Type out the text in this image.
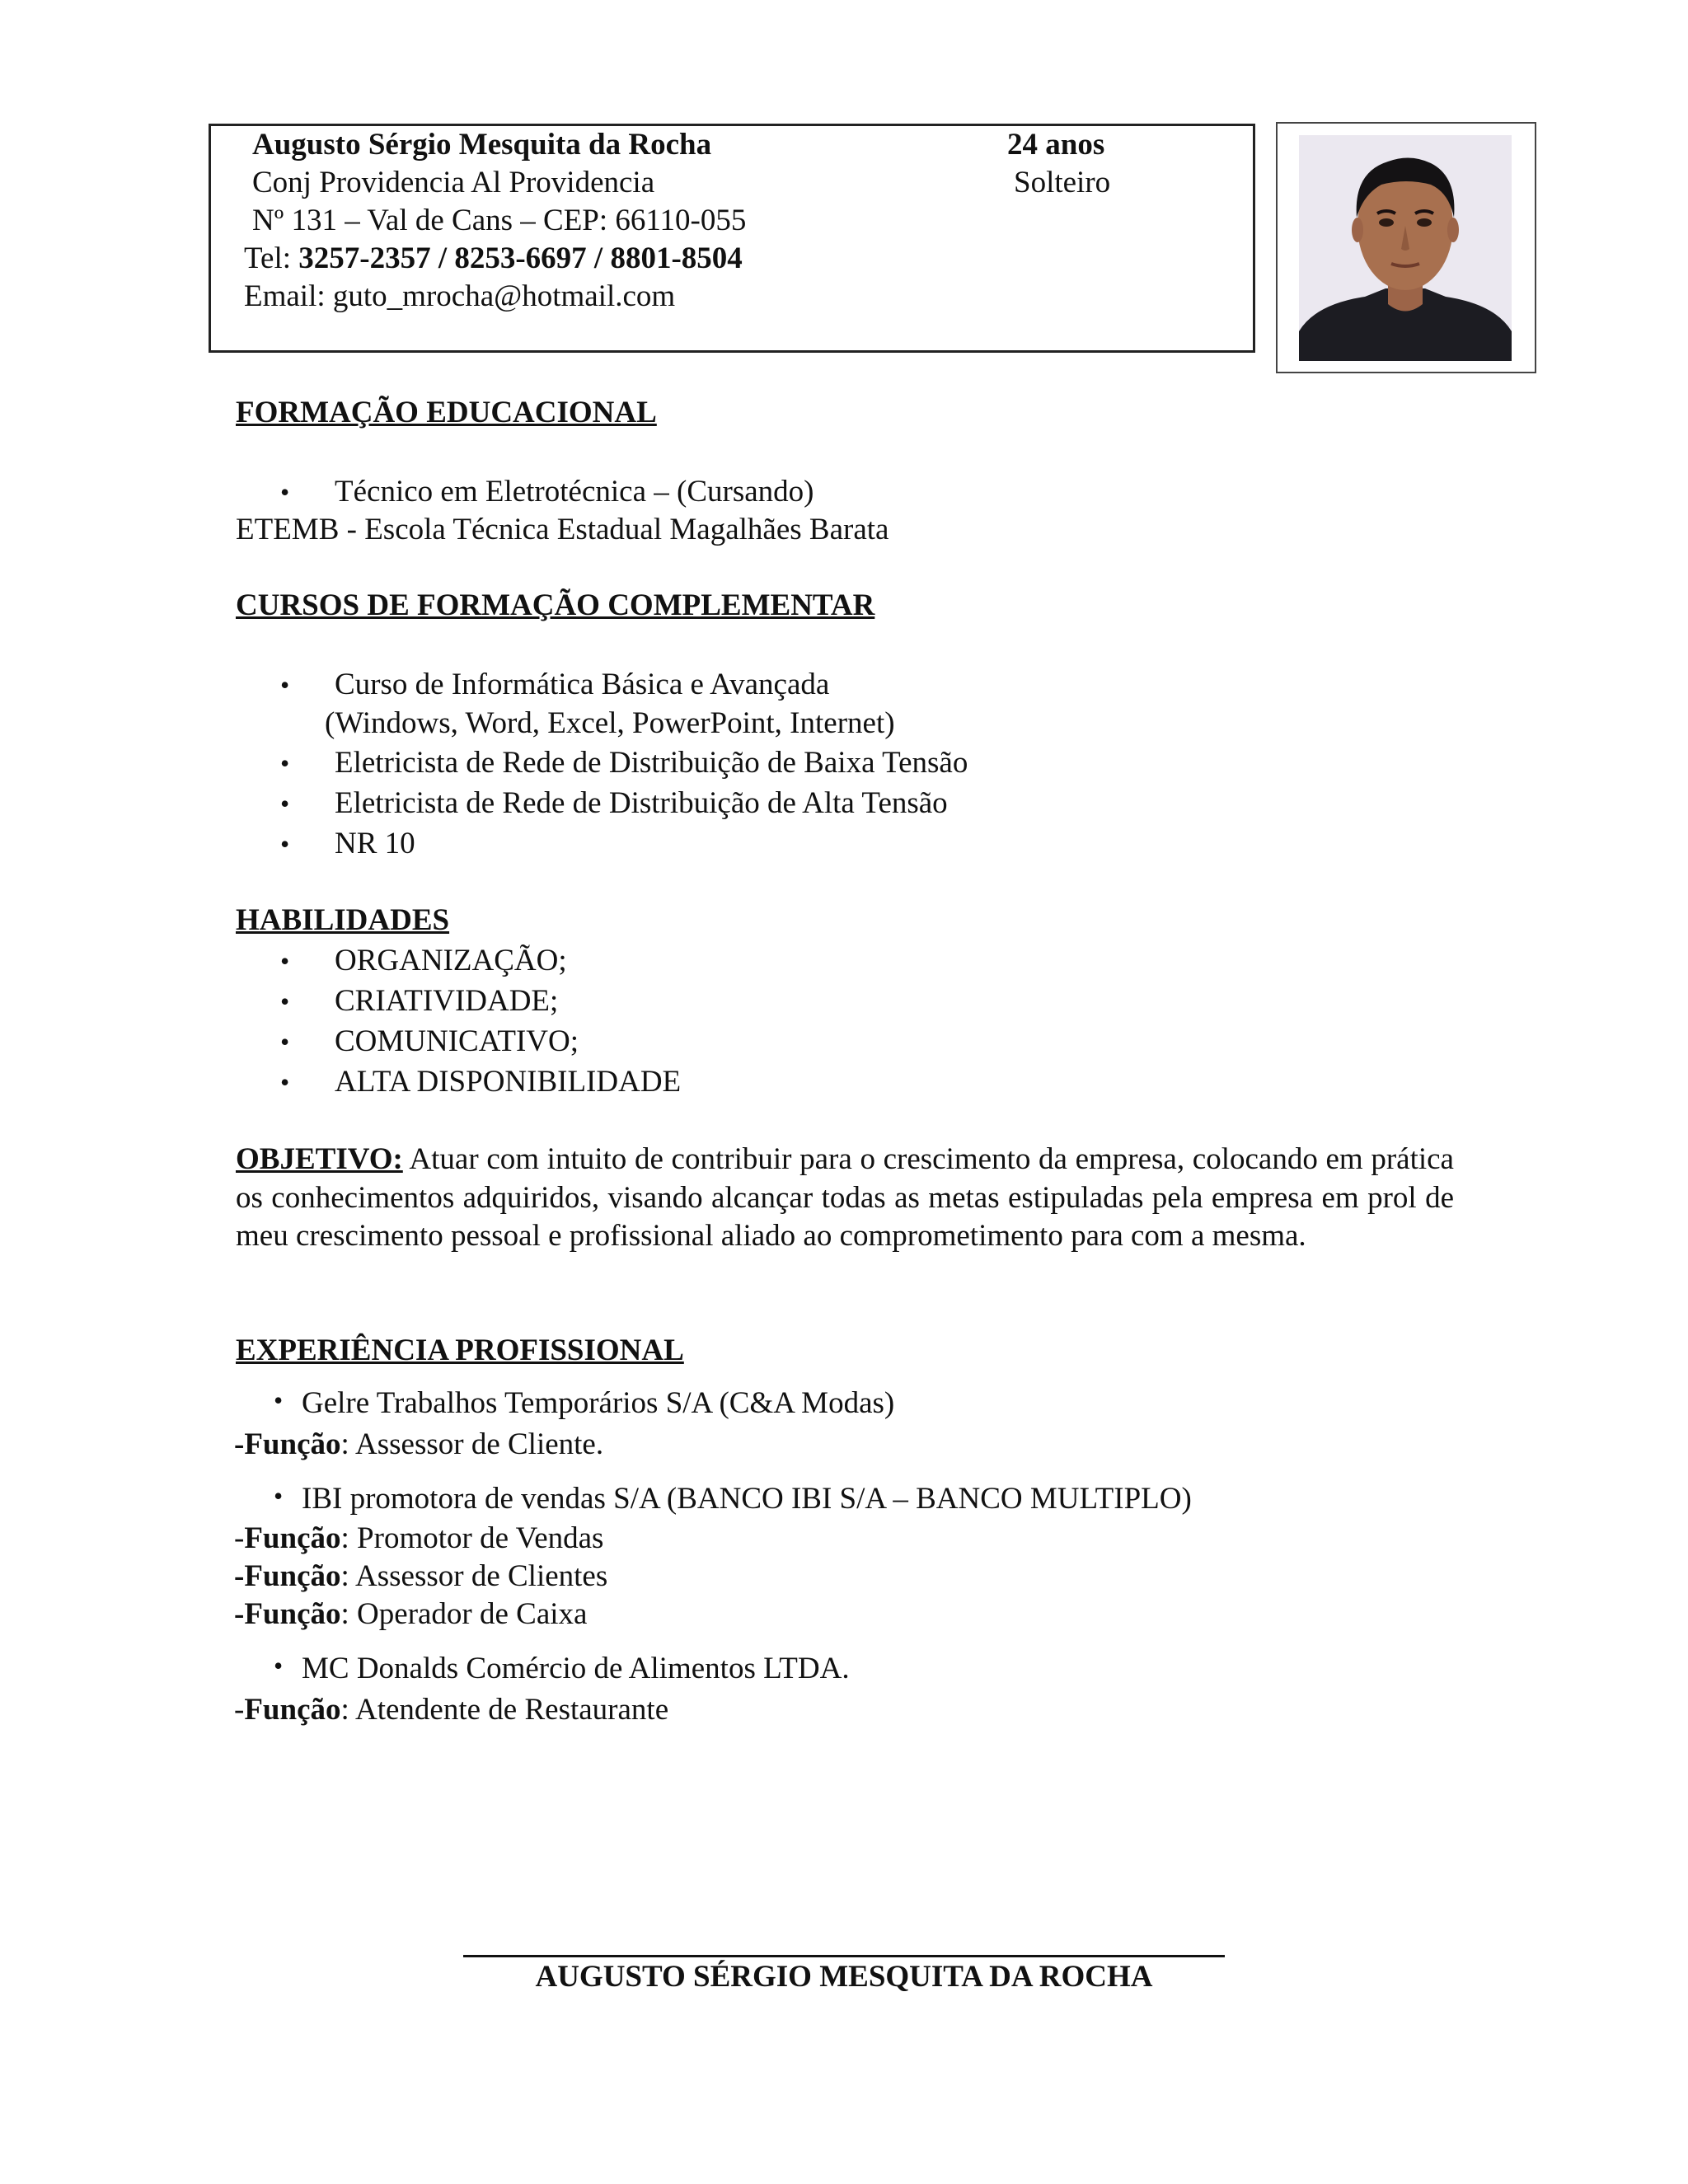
Augusto Sérgio Mesquita da Rocha	24 anos
Conj Providencia Al Providencia	Solteiro
Nº 131 – Val de Cans – CEP: 66110-055
Tel: 3257-2357 / 8253-6697 / 8801-8504
Email: guto_mrocha@hotmail.com
FORMAÇÃO EDUCACIONAL
• Técnico em Eletrotécnica – (Cursando)
ETEMB - Escola Técnica Estadual Magalhães Barata
CURSOS DE FORMAÇÃO COMPLEMENTAR
• Curso de Informática Básica e Avançada
(Windows, Word, Excel, PowerPoint, Internet)
• Eletricista de Rede de Distribuição de Baixa Tensão
• Eletricista de Rede de Distribuição de Alta Tensão
• NR 10
HABILIDADES
• ORGANIZAÇÃO;
• CRIATIVIDADE;
• COMUNICATIVO;
• ALTA DISPONIBILIDADE
OBJETIVO: Atuar com intuito de contribuir para o crescimento da empresa, colocando em prática os conhecimentos adquiridos, visando alcançar todas as metas estipuladas pela empresa em prol de meu crescimento pessoal e profissional aliado ao comprometimento para com a mesma.
EXPERIÊNCIA PROFISSIONAL
• Gelre Trabalhos Temporários S/A (C&A Modas)
-Função: Assessor de Cliente.
• IBI promotora de vendas S/A (BANCO IBI S/A – BANCO MULTIPLO)
-Função: Promotor de Vendas
-Função: Assessor de Clientes
-Função: Operador de Caixa
• MC Donalds Comércio de Alimentos LTDA.
-Função: Atendente de Restaurante
AUGUSTO SÉRGIO MESQUITA DA ROCHA
